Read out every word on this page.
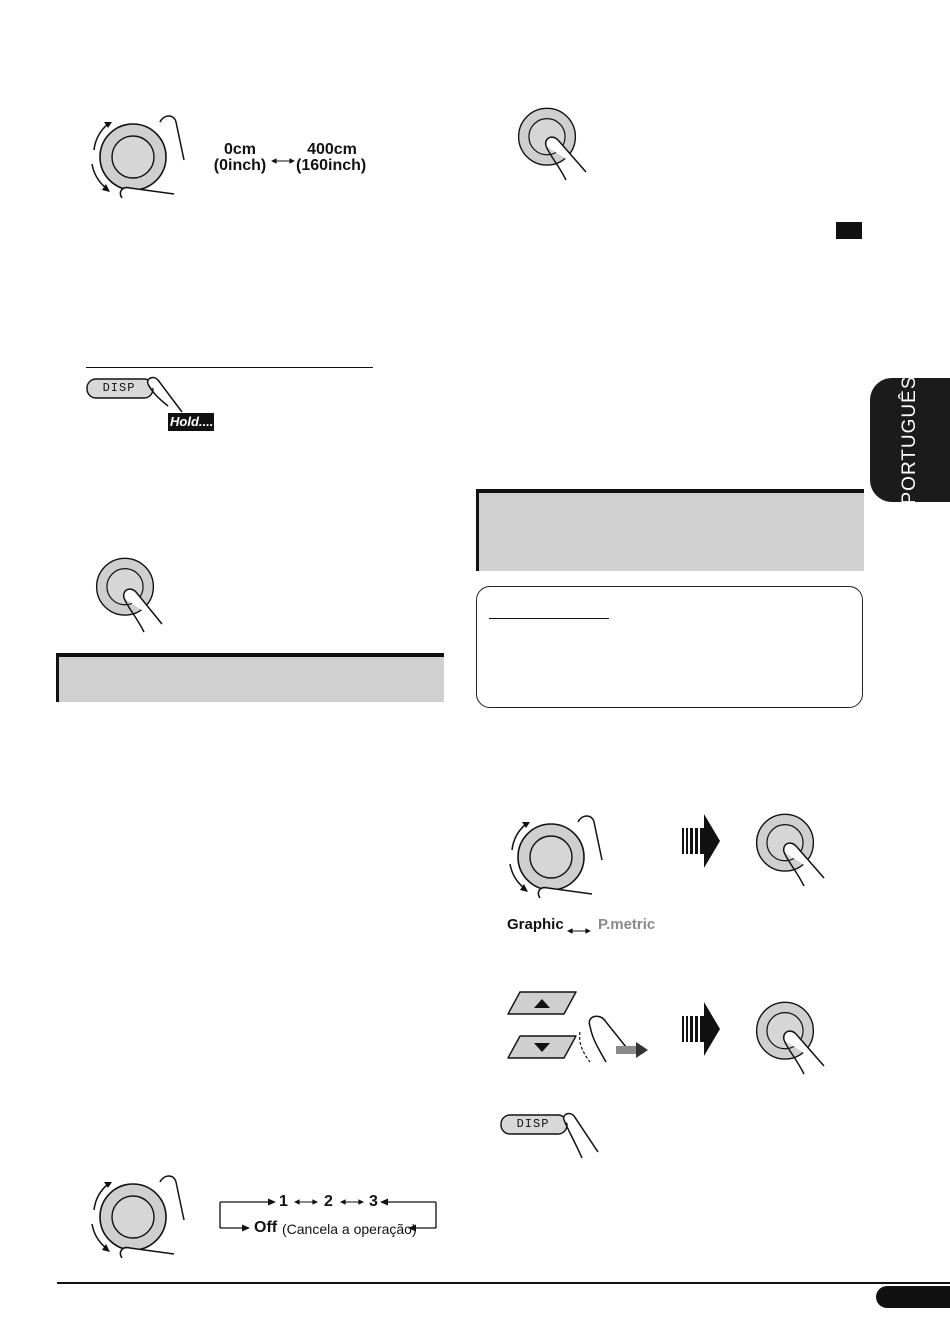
0cm
(0inch)
400cm
(160inch)
DISP
Hold....
1 2 3
Off (Cancela a operação)
PORTUGUÊS
Graphic P.metric
DISP
